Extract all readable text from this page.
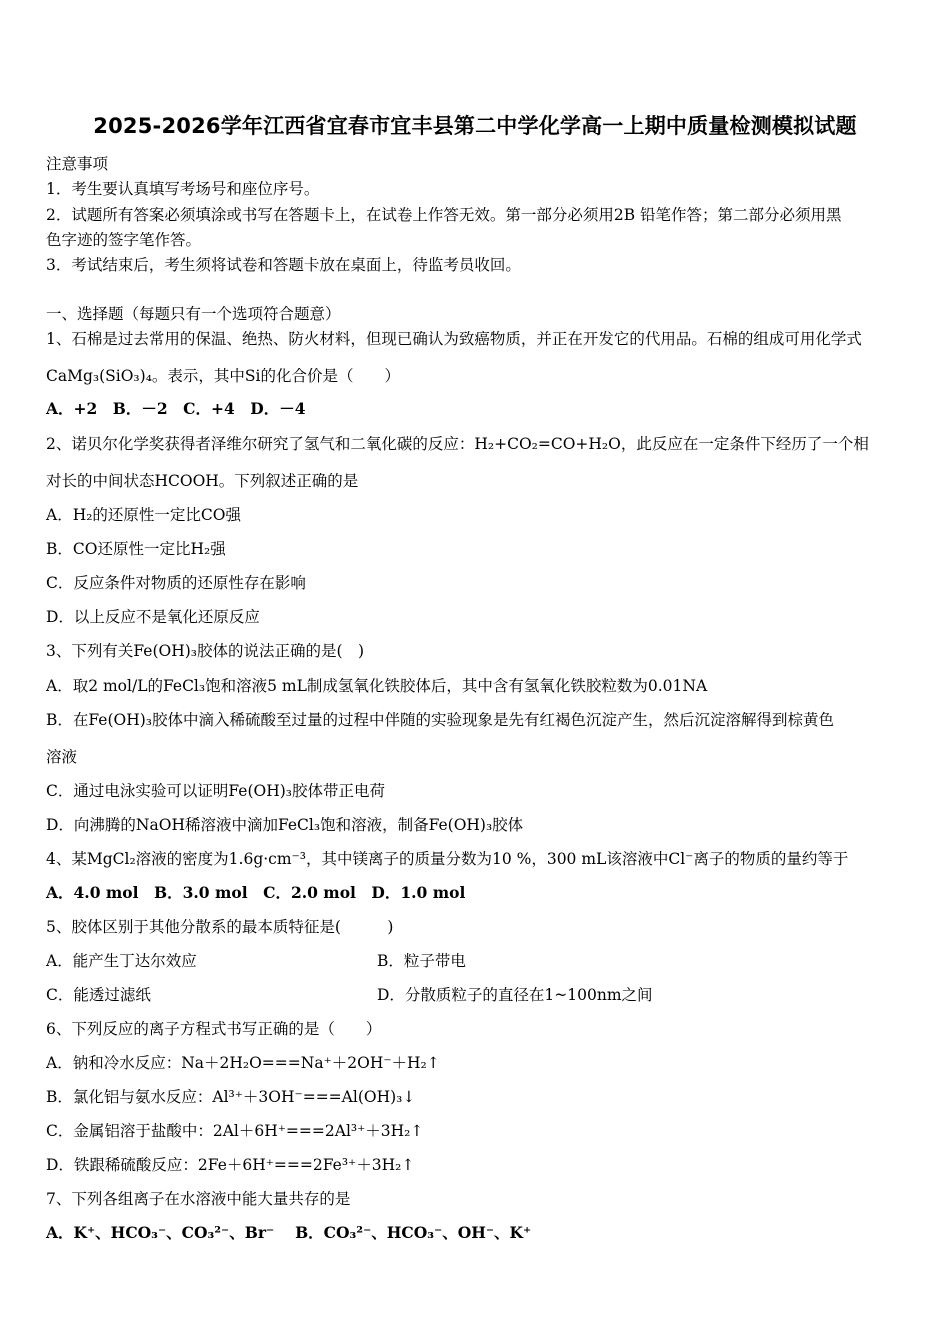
2025-2026学年江西省宜春市宜丰县第二中学化学高一上期中质量检测模拟试题
注意事项
1．考生要认真填写考场号和座位序号。
2．试题所有答案必须填涂或书写在答题卡上，在试卷上作答无效。第一部分必须用2B 铅笔作答；第二部分必须用黑
色字迹的签字笔作答。
3．考试结束后，考生须将试卷和答题卡放在桌面上，待监考员收回。
一、选择题（每题只有一个选项符合题意）
1、石棉是过去常用的保温、绝热、防火材料，但现已确认为致癌物质，并正在开发它的代用品。石棉的组成可用化学式
CaMg₃(SiO₃)₄。表示，其中Si的化合价是（　　）
A．+2　B．－2　C．+4　D．－4
2、诺贝尔化学奖获得者泽维尔研究了氢气和二氧化碳的反应：H₂+CO₂=CO+H₂O，此反应在一定条件下经历了一个相
对长的中间状态HCOOH。下列叙述正确的是
A．H₂的还原性一定比CO强
B．CO还原性一定比H₂强
C．反应条件对物质的还原性存在影响
D．以上反应不是氧化还原反应
3、下列有关Fe(OH)₃胶体的说法正确的是(　)
A．取2 mol/L的FeCl₃饱和溶液5 mL制成氢氧化铁胶体后，其中含有氢氧化铁胶粒数为0.01NA
B．在Fe(OH)₃胶体中滴入稀硫酸至过量的过程中伴随的实验现象是先有红褐色沉淀产生，然后沉淀溶解得到棕黄色
溶液
C．通过电泳实验可以证明Fe(OH)₃胶体带正电荷
D．向沸腾的NaOH稀溶液中滴加FeCl₃饱和溶液，制备Fe(OH)₃胶体
4、某MgCl₂溶液的密度为1.6g·cm⁻³，其中镁离子的质量分数为10 %，300 mL该溶液中Cl⁻离子的物质的量约等于
A．4.0 mol　B．3.0 mol　C．2.0 mol　D．1.0 mol
5、胶体区别于其他分散系的最本质特征是(　　　)
A．能产生丁达尔效应	B．粒子带电
C．能透过滤纸	D．分散质粒子的直径在1~100nm之间
6、下列反应的离子方程式书写正确的是（　　）
A．钠和冷水反应：Na＋2H₂O===Na⁺＋2OH⁻＋H₂↑
B．氯化铝与氨水反应：Al³⁺＋3OH⁻===Al(OH)₃↓
C．金属铝溶于盐酸中：2Al＋6H⁺===2Al³⁺＋3H₂↑
D．铁跟稀硫酸反应：2Fe＋6H⁺===2Fe³⁺＋3H₂↑
7、下列各组离子在水溶液中能大量共存的是
A．K⁺、HCO₃⁻、CO₃²⁻、Br⁻　 B．CO₃²⁻、HCO₃⁻、OH⁻、K⁺
